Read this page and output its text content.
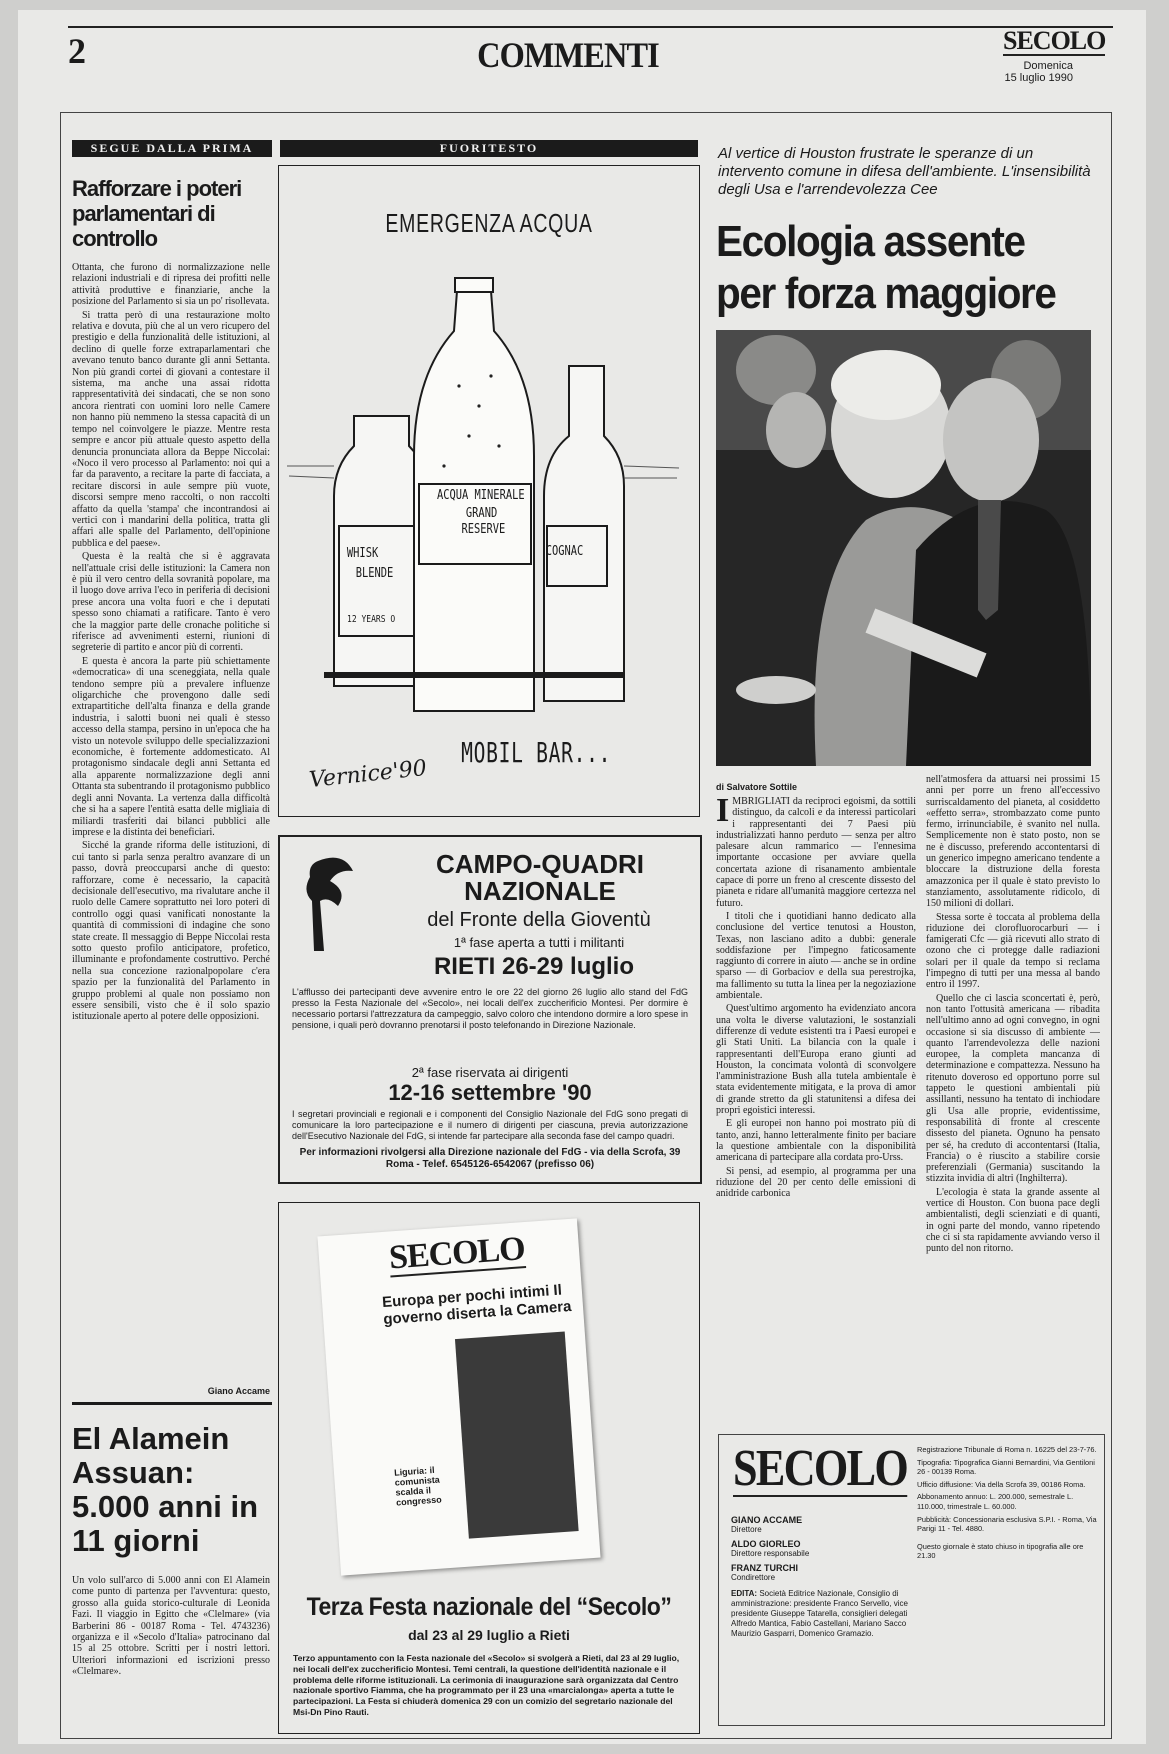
2	COMMENTI	SECOLO
Domenica
15 luglio 1990
SEGUE DALLA PRIMA
Rafforzare i poteri parlamentari di controllo

Ottanta, che furono di normalizzazione nelle relazioni industriali e di ripresa dei profitti nelle attività produttive e finanziarie, anche la posizione del Parlamento si sia un po' risollevata.

Si tratta però di una restaurazione molto relativa e dovuta, più che al un vero ricupero del prestigio e della funzionalità delle istituzioni, al declino di quelle forze extraparlamentari che avevano tenuto banco durante gli anni Settanta. Non più grandi cortei di giovani a contestare il sistema, ma anche una assai ridotta rappresentatività dei sindacati, che se non sono ancora rientrati con uomini loro nelle Camere non hanno più nemmeno la stessa capacità di un tempo nel coinvolgere le piazze. Mentre resta sempre e ancor più attuale questo aspetto della denuncia pronunciata allora da Beppe Niccolai: «Noco il vero processo al Parlamento: noi qui a far da paravento, a recitare la parte di facciata, a recitare discorsi in aule sempre più vuote, discorsi sempre meno raccolti, o non raccolti affatto da quella 'stampa' che incontrandosi ai vertici con i mandarini della politica, tratta gli affari alle spalle del Parlamento, dell'opinione pubblica e del paese».

Questa è la realtà che si è aggravata nell'attuale crisi delle istituzioni: la Camera non è più il vero centro della sovranità popolare, ma il luogo dove arriva l'eco in periferia di decisioni prese ancora una volta fuori e che i deputati spesso sono chiamati a ratificare. Tanto è vero che la maggior parte delle cronache politiche si riferisce ad avvenimenti esterni, riunioni di segreterie di partito e ancor più di correnti.

E questa è ancora la parte più schiettamente «democratica» di una sceneggiata, nella quale tendono sempre più a prevalere influenze oligarchiche che provengono dalle sedi extrapartitiche dell'alta finanza e della grande industria, i salotti buoni nei quali è stesso accesso della stampa, persino in un'epoca che ha visto un notevole sviluppo delle specializzazioni economiche, è fortemente addomesticato. Al protagonismo sindacale degli anni Settanta ed alla apparente normalizzazione degli anni Ottanta sta subentrando il protagonismo pubblico degli anni Novanta. La vertenza dalla difficoltà che si ha a sapere l'entità esatta delle migliaia di miliardi trasferiti dai bilanci pubblici alle imprese e la distinta dei beneficiari.

Sicché la grande riforma delle istituzioni, di cui tanto si parla senza peraltro avanzare di un passo, dovrà preoccuparsi anche di questo: rafforzare, come è necessario, la capacità decisionale dell'esecutivo, ma rivalutare anche il ruolo delle Camere soprattutto nei loro poteri di controllo oggi quasi vanificati nonostante la quantità di commissioni di indagine che sono state create. Il messaggio di Beppe Niccolai resta sotto questo profilo anticipatore, profetico, illuminante e profondamente costruttivo. Perché nella sua concezione razionalpopolare c'era spazio per la funzionalità del Parlamento in gruppo problemi al quale non possiamo non essere sensibili, visto che è il solo spazio istituzionale aperto al potere delle opposizioni.

Giano Accame
El Alamein Assuan: 5.000 anni in 11 giorni
Un volo sull'arco di 5.000 anni con El Alamein come punto di partenza per l'avventura: questo, grosso alla guida storico-culturale di Leonida Fazi. Il viaggio in Egitto che «Clelmare» (via Barberini 86 - 00187 Roma - Tel. 4743236) organizza e il «Secolo d'Italia» patrocinano dal 15 al 25 ottobre. Scritti per i nostri lettori. Ulteriori informazioni ed iscrizioni presso «Clelmare».
FUORITESTO
EMERGENZA ACQUA
ACQUA MINERALE
GRAND
RESERVE
WHISK
BLENDE
12 YEARS O
COGNAC
MOBIL BAR...
Vernice'90
CAMPO-QUADRI NAZIONALE
del Fronte della Gioventù
1ª fase aperta a tutti i militanti
RIETI 26-29 luglio
L'afflusso dei partecipanti deve avvenire entro le ore 22 del giorno 26 luglio allo stand del FdG presso la Festa Nazionale del «Secolo», nei locali dell'ex zuccherificio Montesi. Per dormire è necessario portarsi l'attrezzatura da campeggio, salvo coloro che intendono dormire a loro spese in pensione, i quali però dovranno prenotarsi il posto telefonando in Direzione Nazionale.
2ª fase riservata ai dirigenti
12-16 settembre '90
I segretari provinciali e regionali e i componenti del Consiglio Nazionale del FdG sono pregati di comunicare la loro partecipazione e il numero di dirigenti per ciascuna, previa autorizzazione dell'Esecutivo Nazionale del FdG, si intende far partecipare alla seconda fase del campo quadri.
Per informazioni rivolgersi alla Direzione nazionale del FdG - via della Scrofa, 39 Roma - Telef. 6545126-6542067 (prefisso 06)
SECOLO
Europa per pochi intimi Il governo diserta la Camera
Liguria: il comunista scalda il congresso
Terza Festa nazionale del “Secolo”
dal 23 al 29 luglio a Rieti
Terzo appuntamento con la Festa nazionale del «Secolo» si svolgerà a Rieti, dal 23 al 29 luglio, nei locali dell'ex zuccherificio Montesi. Temi centrali, la questione dell'identità nazionale e il problema delle riforme istituzionali. La cerimonia di inaugurazione sarà organizzata dal Centro nazionale sportivo Fiamma, che ha programmato per il 23 una «marcialonga» aperta a tutte le partecipazioni. La Festa si chiuderà domenica 29 con un comizio del segretario nazionale del Msi-Dn Pino Rauti.
Al vertice di Houston frustrate le speranze di un intervento comune in difesa dell'ambiente. L'insensibilità degli Usa e l'arrendevolezza Cee
Ecologia assente per forza maggiore
di Salvatore Sottile

IMBRIGLIATI da reciproci egoismi, da sottili distinguo, da calcoli e da interessi particolari i rappresentanti dei 7 Paesi più industrializzati hanno perduto — senza per altro palesare alcun rammarico — l'ennesima importante occasione per avviare quella concertata azione di risanamento ambientale capace di porre un freno al crescente dissesto del pianeta e ridare all'umanità maggiore certezza nel futuro.

I titoli che i quotidiani hanno dedicato alla conclusione del vertice tenutosi a Houston, Texas, non lasciano adito a dubbi: generale soddisfazione per l'impegno faticosamente raggiunto di correre in aiuto — anche se in ordine sparso — di Gorbaciov e della sua perestrojka, ma fallimento su tutta la linea per la negoziazione ambientale.

Quest'ultimo argomento ha evidenziato ancora una volta le diverse valutazioni, le sostanziali differenze di vedute esistenti tra i Paesi europei e gli Stati Uniti. La bilancia con la quale i rappresentanti dell'Europa erano giunti ad Houston, la concimata volontà di sconvolgere l'amministrazione Bush alla tutela ambientale è stata evidentemente mitigata, e la prova di amor di grande stretto da gli statunitensi a difesa dei propri egoistici interessi.

E gli europei non hanno poi mostrato più di tanto, anzi, hanno letteralmente finito per baciare la questione ambientale con la disponibilità americana di partecipare alla cordata pro-Urss.

Si pensi, ad esempio, al programma per una riduzione del 20 per cento delle emissioni di anidride carbonica

nell'atmosfera da attuarsi nei prossimi 15 anni per porre un freno all'eccessivo surriscaldamento del pianeta, al cosiddetto «effetto serra», strombazzato come punto fermo, irrinunciabile, è svanito nel nulla. Semplicemente non è stato posto, non se ne è discusso, preferendo accontentarsi di un generico impegno americano tendente a bloccare la distruzione della foresta amazzonica per il quale è stato previsto lo stanziamento, assolutamente ridicolo, di 150 milioni di dollari.

Stessa sorte è toccata al problema della riduzione dei clorofluorocarburi — i famigerati Cfc — già ricevuti allo strato di ozono che ci protegge dalle radiazioni solari per il quale da tempo si reclama l'impegno di tutti per una messa al bando entro il 1997.

Quello che ci lascia sconcertati è, però, non tanto l'ottusità americana — ribadita nell'ultimo anno ad ogni convegno, in ogni occasione si sia discusso di ambiente — quanto l'arrendevolezza delle nazioni europee, la completa mancanza di determinazione e compattezza. Nessuno ha ritenuto doveroso ed opportuno porre sul tappeto le questioni ambientali più assillanti, nessuno ha tentato di inchiodare gli Usa alle proprie, evidentissime, responsabilità di fronte al crescente dissesto del pianeta. Ognuno ha pensato per sé, ha creduto di accontentarsi (Italia, Francia) o è riuscito a stabilire corsie preferenziali (Germania) suscitando la stizzita invidia di altri (Inghilterra).

L'ecologia è stata la grande assente al vertice di Houston. Con buona pace degli ambientalisti, degli scienziati e di quanti, in ogni parte del mondo, vanno ripetendo che ci si sta rapidamente avviando verso il punto del non ritorno.

SECOLO
GIANO ACCAME
Direttore
ALDO GIORLEO
Direttore responsabile
FRANZ TURCHI
Condirettore
EDITA: Società Editrice Nazionale, Consiglio di amministrazione: presidente Franco Servello, vice presidente Giuseppe Tatarella, consiglieri delegati Alfredo Mantica, Fabio Castellani, Mariano Sacco Maurizio Gasparri, Domenico Gramazio.
Registrazione Tribunale di Roma n. 16225 del 23-7-76.
Tipografia: Tipografica Gianni Bernardini, Via Gentiloni 26 - 00139 Roma.
Ufficio diffusione: Via della Scrofa 39, 00186 Roma.
Abbonamento annuo: L. 200.000, semestrale L. 110.000, trimestrale L. 60.000.
Pubblicità: Concessionaria esclusiva S.P.I. - Roma, Via Parigi 11 - Tel. 4880.
Questo giornale è stato chiuso in tipografia alle ore 21.30
